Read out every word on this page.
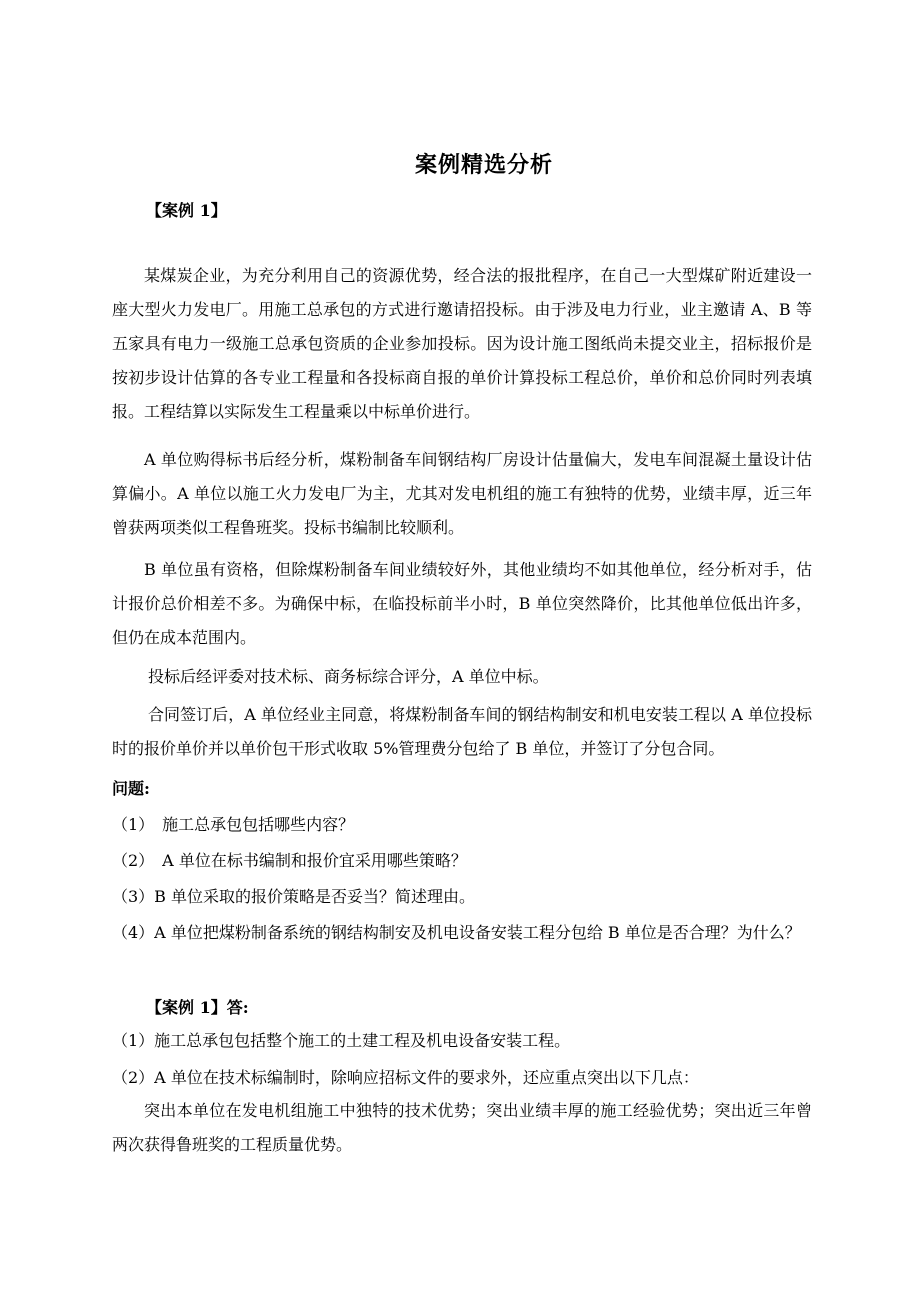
案例精选分析
【案例 1】
某煤炭企业，为充分利用自己的资源优势，经合法的报批程序，在自己一大型煤矿附近建设一座大型火力发电厂。用施工总承包的方式进行邀请招投标。由于涉及电力行业，业主邀请 A、B 等五家具有电力一级施工总承包资质的企业参加投标。因为设计施工图纸尚未提交业主，招标报价是按初步设计估算的各专业工程量和各投标商自报的单价计算投标工程总价，单价和总价同时列表填报。工程结算以实际发生工程量乘以中标单价进行。
A 单位购得标书后经分析，煤粉制备车间钢结构厂房设计估量偏大，发电车间混凝土量设计估算偏小。A 单位以施工火力发电厂为主，尤其对发电机组的施工有独特的优势，业绩丰厚，近三年曾获两项类似工程鲁班奖。投标书编制比较顺利。
B 单位虽有资格，但除煤粉制备车间业绩较好外，其他业绩均不如其他单位，经分析对手，估计报价总价相差不多。为确保中标，在临投标前半小时，B 单位突然降价，比其他单位低出许多，但仍在成本范围内。
投标后经评委对技术标、商务标综合评分，A 单位中标。
合同签订后，A 单位经业主同意，将煤粉制备车间的钢结构制安和机电安装工程以 A 单位投标时的报价单价并以单价包干形式收取 5%管理费分包给了 B 单位，并签订了分包合同。
问题:
（1）　施工总承包包括哪些内容？
（2）　A 单位在标书编制和报价宜采用哪些策略？
（3）B 单位采取的报价策略是否妥当？简述理由。
（4）A 单位把煤粉制备系统的钢结构制安及机电设备安装工程分包给 B 单位是否合理？为什么？
【案例 1】答:
（1）施工总承包包括整个施工的土建工程及机电设备安装工程。
（2）A 单位在技术标编制时，除响应招标文件的要求外，还应重点突出以下几点：
突出本单位在发电机组施工中独特的技术优势；突出业绩丰厚的施工经验优势；突出近三年曾两次获得鲁班奖的工程质量优势。
